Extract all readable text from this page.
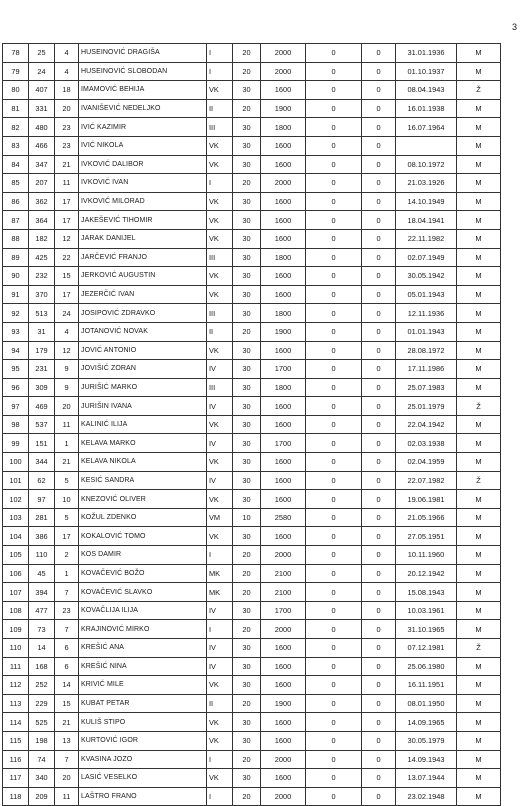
3
78	25	4	HUSEINOVIĆ DRAGIŠA	I	20	2000	0	0	31.01.1936	M
79	24	4	HUSEINOVIĆ SLOBODAN	I	20	2000	0	0	01.10.1937	M
80	407	18	IMAMOVIĆ BEHIJA	VK	30	1600	0	0	08.04.1943	Ž
81	331	20	IVANIŠEVIĆ NEDELJKO	II	20	1900	0	0	16.01.1938	M
82	480	23	IVIĆ KAZIMIR	III	30	1800	0	0	16.07.1964	M
83	466	23	IVIĆ NIKOLA	VK	30	1600	0	0		M
84	347	21	IVKOVIĆ DALIBOR	VK	30	1600	0	0	08.10.1972	M
85	207	11	IVKOVIĆ IVAN	I	20	2000	0	0	21.03.1926	M
86	362	17	IVKOVIĆ MILORAD	VK	30	1600	0	0	14.10.1949	M
87	364	17	JAKEŠEVIĆ TIHOMIR	VK	30	1600	0	0	18.04.1941	M
88	182	12	JARAK DANIJEL	VK	30	1600	0	0	22.11.1982	M
89	425	22	JARČEVIĆ FRANJO	III	30	1800	0	0	02.07.1949	M
90	232	15	JERKOVIĆ AUGUSTIN	VK	30	1600	0	0	30.05.1942	M
91	370	17	JEZERČIĆ IVAN	VK	30	1600	0	0	05.01.1943	M
92	513	24	JOSIPOVIĆ ZDRAVKO	III	30	1800	0	0	12.11.1936	M
93	31	4	JOTANOVIĆ NOVAK	II	20	1900	0	0	01.01.1943	M
94	179	12	JOVIĆ ANTONIO	VK	30	1600	0	0	28.08.1972	M
95	231	9	JOVIŠIĆ ZORAN	IV	30	1700	0	0	17.11.1986	M
96	309	9	JURIŠIĆ MARKO	III	30	1800	0	0	25.07.1983	M
97	469	20	JURIŠIN IVANA	IV	30	1600	0	0	25.01.1979	Ž
98	537	11	KALINIĆ ILIJA	VK	30	1600	0	0	22.04.1942	M
99	151	1	KELAVA MARKO	IV	30	1700	0	0	02.03.1938	M
100	344	21	KELAVA NIKOLA	VK	30	1600	0	0	02.04.1959	M
101	62	5	KESIĆ SANDRA	IV	30	1600	0	0	22.07.1982	Ž
102	97	10	KNEZOVIĆ OLIVER	VK	30	1600	0	0	19.06.1981	M
103	281	5	KOŽUL ZDENKO	VM	10	2580	0	0	21.05.1966	M
104	386	17	KOKALOVIĆ TOMO	VK	30	1600	0	0	27.05.1951	M
105	110	2	KOS DAMIR	I	20	2000	0	0	10.11.1960	M
106	45	1	KOVAČEVIĆ BOŽO	MK	20	2100	0	0	20.12.1942	M
107	394	7	KOVAČEVIĆ SLAVKO	MK	20	2100	0	0	15.08.1943	M
108	477	23	KOVAČLIJA ILIJA	IV	30	1700	0	0	10.03.1961	M
109	73	7	KRAJINOVIĆ MIRKO	I	20	2000	0	0	31.10.1965	M
110	14	6	KREŠIĆ ANA	IV	30	1600	0	0	07.12.1981	Ž
111	168	6	KREŠIĆ NINA	IV	30	1600	0	0	25.06.1980	M
112	252	14	KRIVIĆ MILE	VK	30	1600	0	0	16.11.1951	M
113	229	15	KUBAT PETAR	II	20	1900	0	0	08.01.1950	M
114	525	21	KULIŠ STIPO	VK	30	1600	0	0	14.09.1965	M
115	198	13	KURTOVIĆ IGOR	VK	30	1600	0	0	30.05.1979	M
116	74	7	KVASINA JOZO	I	20	2000	0	0	14.09.1943	M
117	340	20	LASIĆ VESELKO	VK	30	1600	0	0	13.07.1944	M
118	209	11	LAŠTRO FRANO	I	20	2000	0	0	23.02.1948	M
